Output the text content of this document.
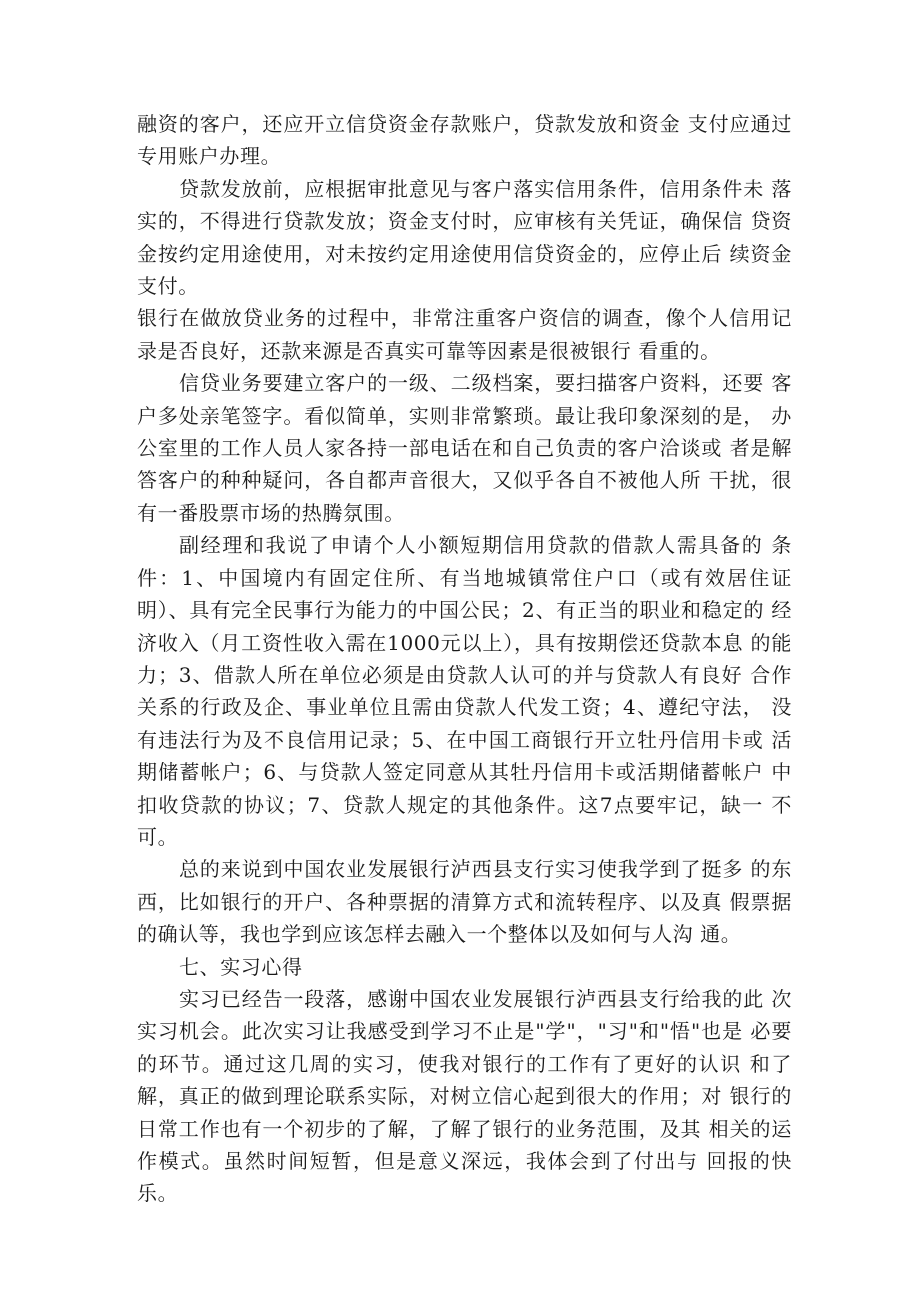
融资的客户，还应开立信贷资金存款账户，贷款发放和资金 支付应通过专用账户办理。

贷款发放前，应根据审批意见与客户落实信用条件，信用条件未 落实的，不得进行贷款发放；资金支付时，应审核有关凭证，确保信 贷资金按约定用途使用，对未按约定用途使用信贷资金的，应停止后 续资金支付。

银行在做放贷业务的过程中，非常注重客户资信的调查，像个人信用记录是否良好，还款来源是否真实可靠等因素是很被银行 看重的。

信贷业务要建立客户的一级、二级档案，要扫描客户资料，还要 客户多处亲笔签字。看似简单，实则非常繁琐。最让我印象深刻的是， 办公室里的工作人员人家各持一部电话在和自己负责的客户洽谈或 者是解答客户的种种疑问，各自都声音很大，又似乎各自不被他人所 干扰，很有一番股票市场的热腾氛围。

副经理和我说了申请个人小额短期信用贷款的借款人需具备的 条件：1、中国境内有固定住所、有当地城镇常住户口（或有效居住证 明）、具有完全民事行为能力的中国公民；2、有正当的职业和稳定的 经济收入（月工资性收入需在1000元以上），具有按期偿还贷款本息 的能力；3、借款人所在单位必须是由贷款人认可的并与贷款人有良好 合作关系的行政及企、事业单位且需由贷款人代发工资；4、遵纪守法， 没有违法行为及不良信用记录；5、在中国工商银行开立牡丹信用卡或 活期储蓄帐户；6、与贷款人签定同意从其牡丹信用卡或活期储蓄帐户 中扣收贷款的协议；7、贷款人规定的其他条件。这7点要牢记，缺一 不可。

总的来说到中国农业发展银行泸西县支行实习使我学到了挺多 的东西，比如银行的开户、各种票据的清算方式和流转程序、以及真 假票据的确认等，我也学到应该怎样去融入一个整体以及如何与人沟 通。

七、实习心得

实习已经告一段落，感谢中国农业发展银行泸西县支行给我的此 次实习机会。此次实习让我感受到学习不止是"学"，"习"和"悟"也是 必要的环节。通过这几周的实习，使我对银行的工作有了更好的认识 和了解，真正的做到理论联系实际，对树立信心起到很大的作用；对 银行的日常工作也有一个初步的了解，了解了银行的业务范围，及其 相关的运作模式。虽然时间短暂，但是意义深远，我体会到了付出与 回报的快乐。
